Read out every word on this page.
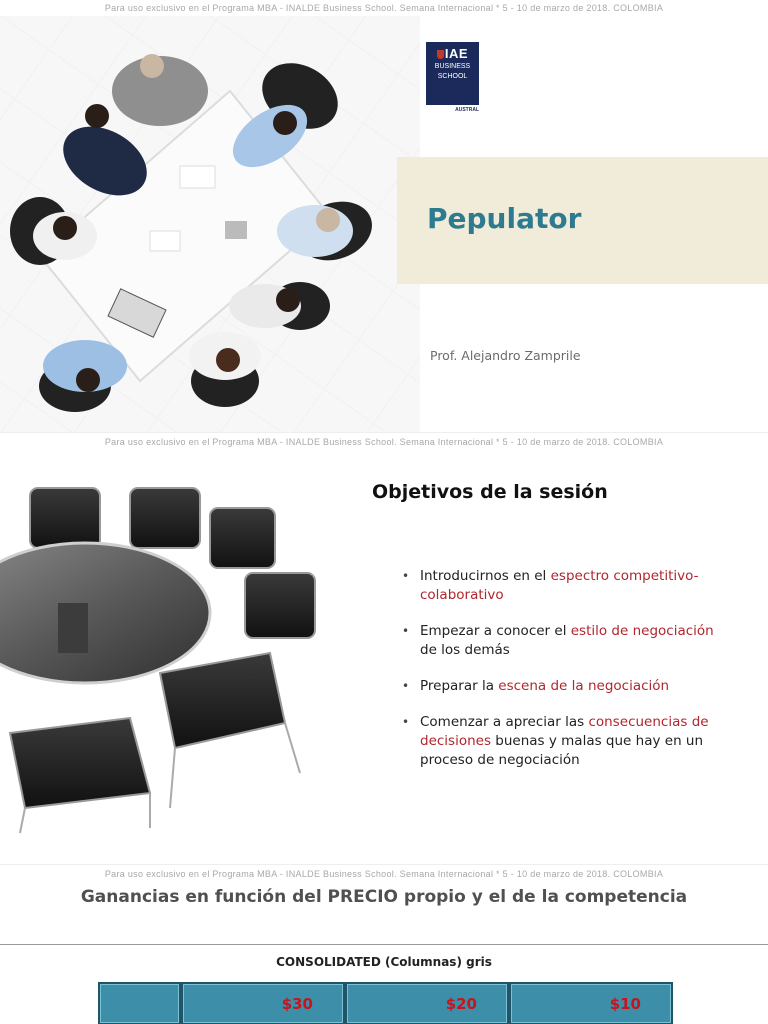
Para uso exclusivo en el Programa MBA - INALDE Business School. Semana Internacional * 5 - 10 de marzo de 2018. COLOMBIA
IAE
BUSINESS
SCHOOL
UNIVERSIDAD AUSTRAL
Pepulator
Prof. Alejandro Zamprile
Para uso exclusivo en el Programa MBA - INALDE Business School. Semana Internacional * 5 - 10 de marzo de 2018. COLOMBIA
Objetivos de la sesión
• Introducirnos en el espectro competitivo-colaborativo
• Empezar a conocer el estilo de negociación de los demás
• Preparar la escena de la negociación
• Comenzar a apreciar las consecuencias de decisiones buenas y malas que hay en un proceso de negociación
Para uso exclusivo en el Programa MBA - INALDE Business School. Semana Internacional * 5 - 10 de marzo de 2018. COLOMBIA
Ganancias en función del PRECIO propio y el de la competencia
CONSOLIDATED (Columnas) gris
$30	$20	$10
